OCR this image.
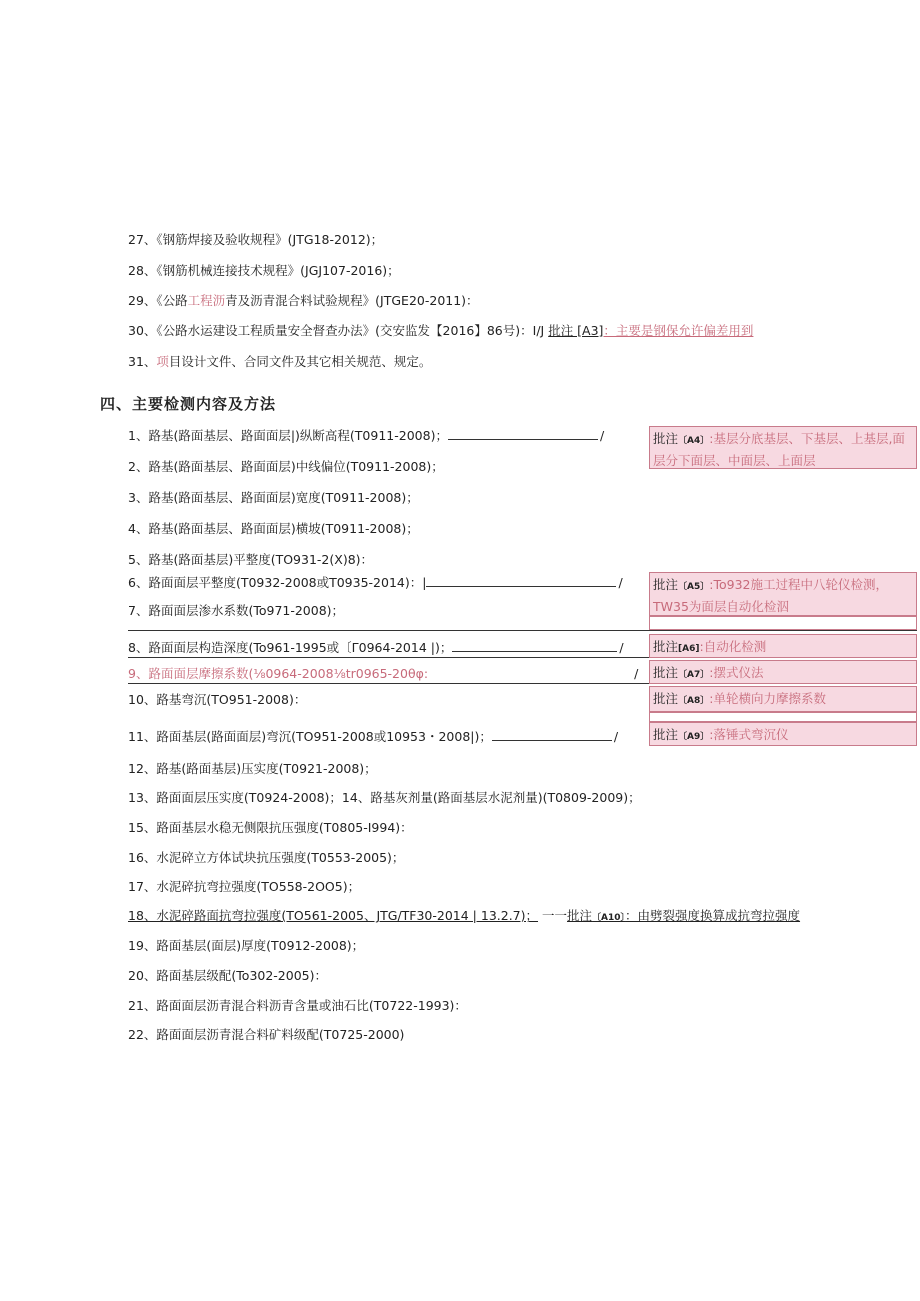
27、《钢筋焊接及验收规程》(JTG18-2012)；
28、《钢筋机械连接技术规程》(JGJ107-2016)；
29、《公路工程沥青及沥青混合料试验规程》(JTGE20-2011)：
30、《公路水运建设工程质量安全督查办法》(交安监发【2016】86号)：I/J 批注 [A3]：主要是钢保允许偏差用到
31、项目设计文件、合同文件及其它相关规范、规定。
四、主要检测内容及方法
1、路基(路面基层、路面面层|)纵断高程(T0911-2008)；	/
2、路基(路面基层、路面面层)中线偏位(T0911-2008)；
3、路基(路面基层、路面面层)宽度(T0911-2008)；
4、路基(路面基层、路面面层)横坡(T0911-2008)；
5、路基(路面基层)平整度(TO931-2(X)8)：
6、路面面层平整度(T0932-2008或T0935-2014)：|	/
7、路面面层渗水系数(To971-2008)；
8、路面面层构造深度(To961-1995或〔Γ0964-2014 |)；	/
9、路面面层摩擦系数(⅛0964-2008⅛tr0965-20θφ:	/
10、路基弯沉(TO951-2008)：
11、路面基层(路面面层)弯沉(TO951-2008或10953・2008|)；	/
12、路基(路面基层)压实度(T0921-2008)；
13、路面面层压实度(T0924-2008)；14、路基灰剂量(路面基层水泥剂量)(T0809-2009)；
15、路面基层水稳无侧限抗压强度(T0805-I994)：
16、水泥碎立方体试块抗压强度(T0553-2005)；
17、水泥碎抗弯拉强度(TO558-2OO5)；
18、水泥碎路面抗弯拉强度(TO561-2005、JTG/TF30-2014 | 13.2.7)； 一一批注〔A10〕：由劈裂强度换算成抗弯拉强度
19、路面基层(面层)厚度(T0912-2008)；
20、路面基层级配(To302-2005)：
21、路面面层沥青混合料沥青含量或油石比(T0722-1993)：
22、路面面层沥青混合料矿料级配(T0725-2000)
批注〔A4〕:基层分底基层、下基层、上基层,面层分下面层、中面层、上面层
批注〔A5〕:To932施工过程中八轮仪检测，TW35为面层自动化检泅
批注[A6]:自动化检测
批注〔A7〕:摆式仪法
批注〔A8〕:单轮横向力摩擦系数
批注〔A9〕:落锤式弯沉仪
